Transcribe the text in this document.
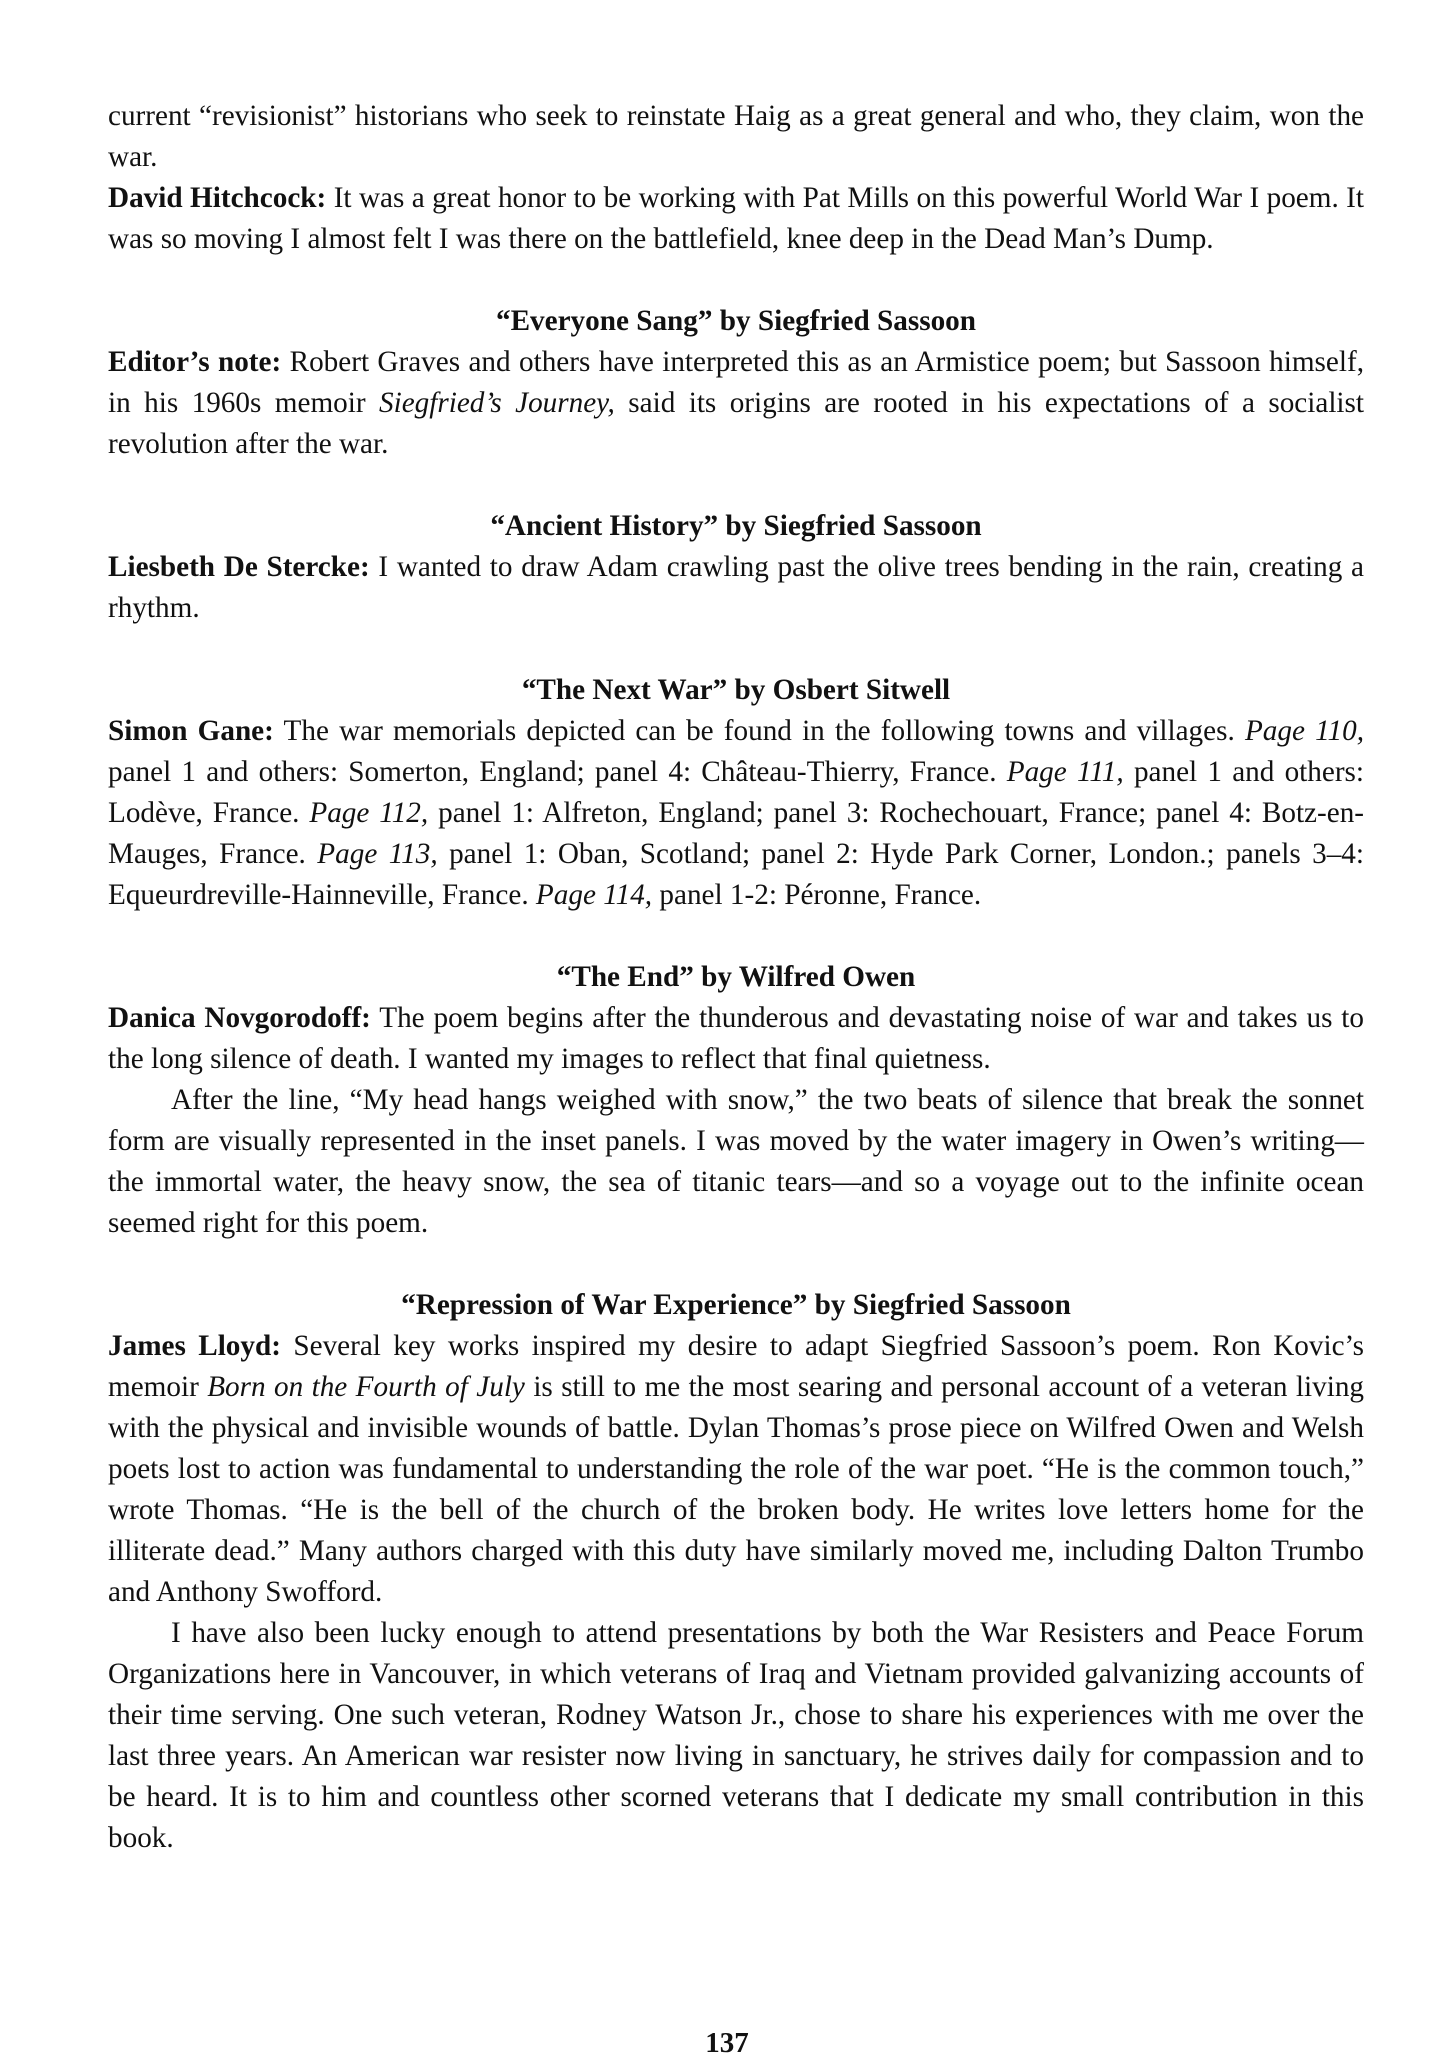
current “revisionist” historians who seek to reinstate Haig as a great general and who, they claim, won the war.

David Hitchcock: It was a great honor to be working with Pat Mills on this powerful World War I poem. It was so moving I almost felt I was there on the battlefield, knee deep in the Dead Man’s Dump.

“Everyone Sang” by Siegfried Sassoon

Editor’s note: Robert Graves and others have interpreted this as an Armistice poem; but Sassoon himself, in his 1960s memoir Siegfried’s Journey, said its origins are rooted in his expectations of a socialist revolution after the war.

“Ancient History” by Siegfried Sassoon

Liesbeth De Stercke: I wanted to draw Adam crawling past the olive trees bending in the rain, creating a rhythm.

“The Next War” by Osbert Sitwell

Simon Gane: The war memorials depicted can be found in the following towns and villages. Page 110, panel 1 and others: Somerton, England; panel 4: Château-Thierry, France. Page 111, panel 1 and others: Lodève, France. Page 112, panel 1: Alfreton, England; panel 3: Rochechouart, France; panel 4: Botz-en-Mauges, France. Page 113, panel 1: Oban, Scotland; panel 2: Hyde Park Corner, London.; panels 3–4: Equeurdreville-Hainneville, France. Page 114, panel 1-2: Péronne, France.

“The End” by Wilfred Owen

Danica Novgorodoff: The poem begins after the thunderous and devastating noise of war and takes us to the long silence of death. I wanted my images to reflect that final quietness.

After the line, “My head hangs weighed with snow,” the two beats of silence that break the sonnet form are visually represented in the inset panels. I was moved by the water imagery in Owen’s writing—the immortal water, the heavy snow, the sea of titanic tears—and so a voyage out to the infinite ocean seemed right for this poem.

“Repression of War Experience” by Siegfried Sassoon

James Lloyd: Several key works inspired my desire to adapt Siegfried Sassoon’s poem. Ron Kovic’s memoir Born on the Fourth of July is still to me the most searing and personal account of a veteran living with the physical and invisible wounds of battle. Dylan Thomas’s prose piece on Wilfred Owen and Welsh poets lost to action was fundamental to understanding the role of the war poet. “He is the common touch,” wrote Thomas. “He is the bell of the church of the broken body. He writes love letters home for the illiterate dead.” Many authors charged with this duty have similarly moved me, including Dalton Trumbo and Anthony Swofford.

I have also been lucky enough to attend presentations by both the War Resisters and Peace Forum Organizations here in Vancouver, in which veterans of Iraq and Vietnam provided galvanizing accounts of their time serving. One such veteran, Rodney Watson Jr., chose to share his experiences with me over the last three years. An American war resister now living in sanctuary, he strives daily for compassion and to be heard. It is to him and countless other scorned veterans that I dedicate my small contribution in this book.

137
